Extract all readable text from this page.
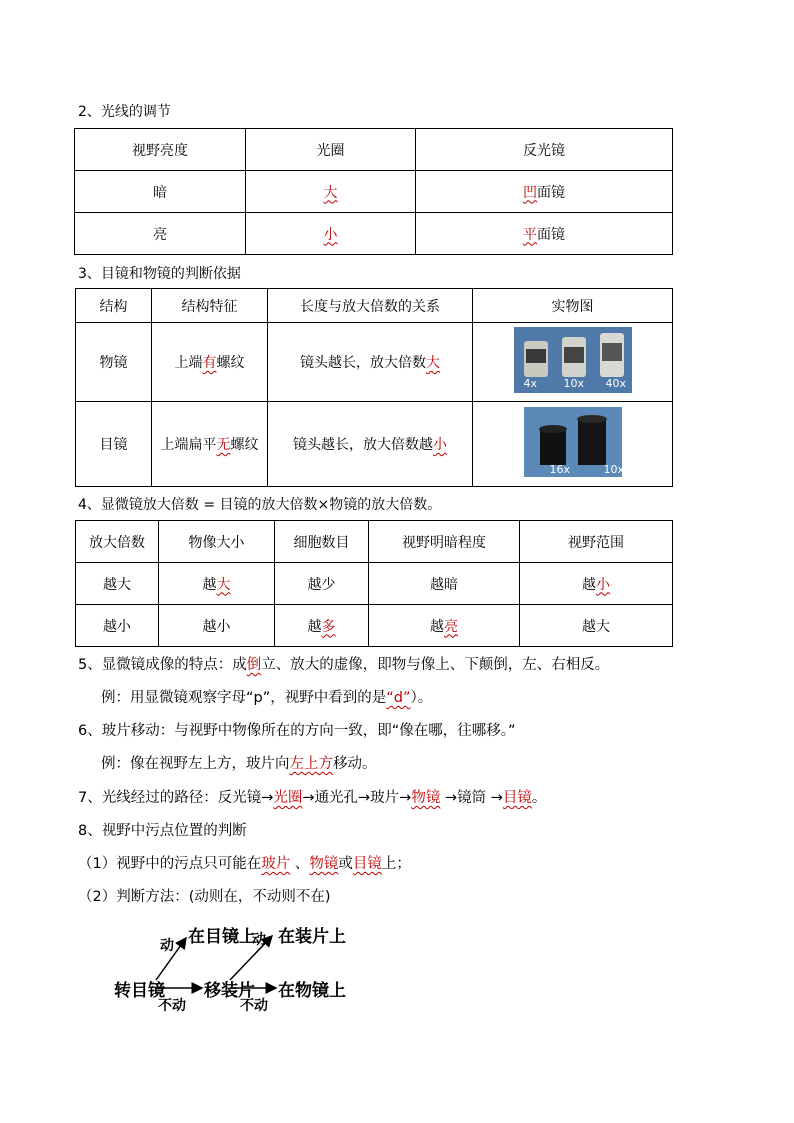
2、光线的调节
视野亮度	光圈	反光镜
暗	大	凹面镜
亮	小	平面镜
3、目镜和物镜的判断依据
结构	结构特征	长度与放大倍数的关系	实物图
物镜	上端有螺纹	镜头越长，放大倍数大	4x 10x 40x

目镜	上端扁平无螺纹	镜头越长，放大倍数越小	16x 10x
4、显微镜放大倍数 = 目镜的放大倍数×物镜的放大倍数。
放大倍数	物像大小	细胞数目	视野明暗程度	视野范围
越大	越大	越少	越暗	越小
越小	越小	越多	越亮	越大
5、显微镜成像的特点：成倒立、放大的虚像，即物与像上、下颠倒，左、右相反。
例：用显微镜观察字母“p”，视野中看到的是“d”）。
6、玻片移动：与视野中物像所在的方向一致，即“像在哪，往哪移。”
例：像在视野左上方，玻片向左上方移动。
7、光线经过的路径：反光镜→光圈→通光孔→玻片→物镜 →镜筒 →目镜。
8、视野中污点位置的判断
（1）视野中的污点只可能在玻片 、物镜或目镜上；
（2）判断方法：(动则在，不动则不在)
转目镜
动
不动
在目镜上
移装片
动
不动
在装片上
在物镜上
